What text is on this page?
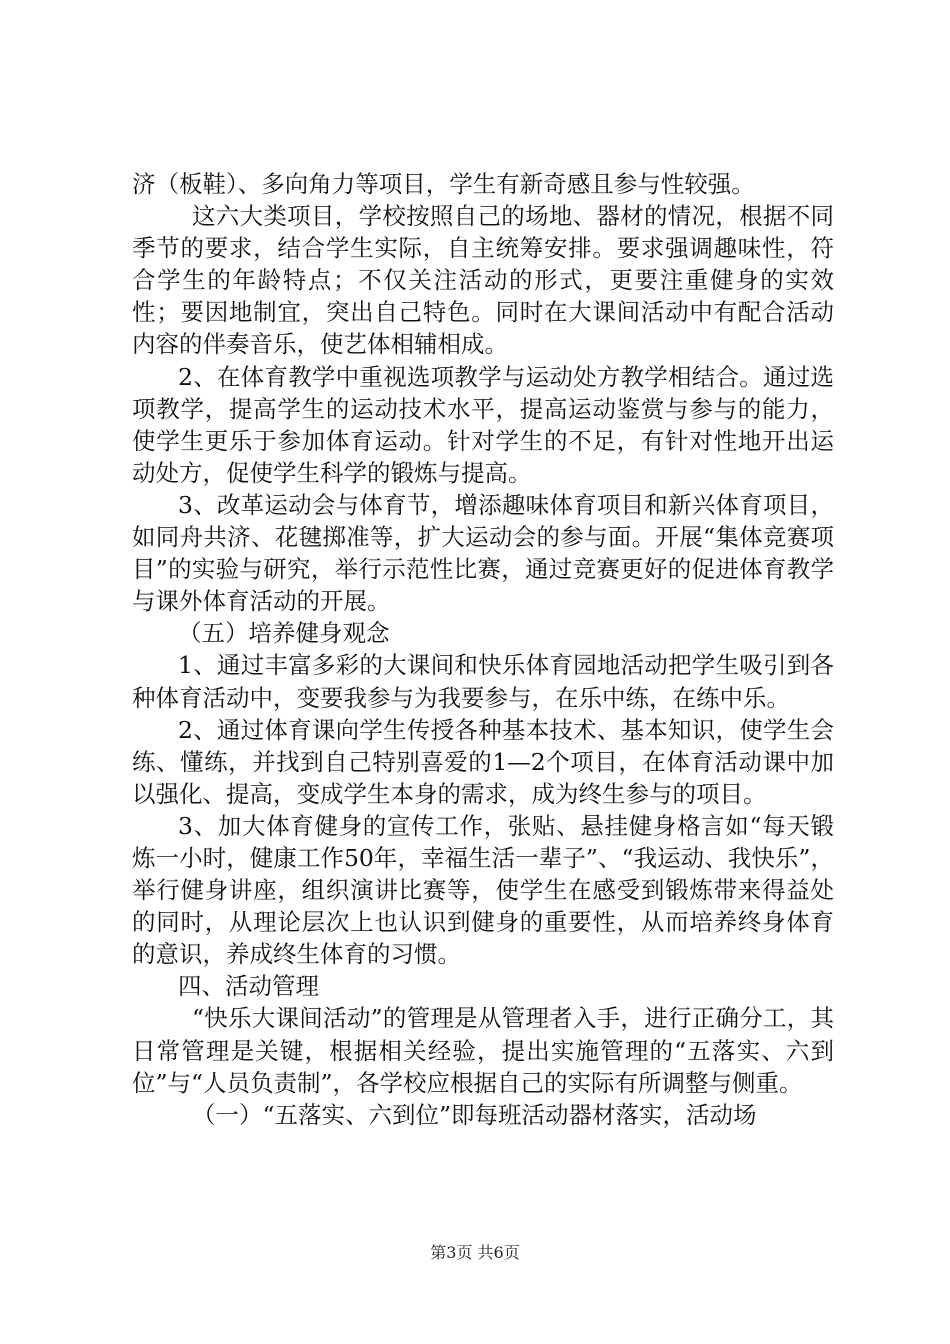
济（板鞋）、多向角力等项目，学生有新奇感且参与性较强。

这六大类项目，学校按照自己的场地、器材的情况，根据不同季节的要求，结合学生实际，自主统筹安排。要求强调趣味性，符合学生的年龄特点；不仅关注活动的形式，更要注重健身的实效性；要因地制宜，突出自己特色。同时在大课间活动中有配合活动内容的伴奏音乐，使艺体相辅相成。

2、在体育教学中重视选项教学与运动处方教学相结合。通过选项教学，提高学生的运动技术水平，提高运动鉴赏与参与的能力，使学生更乐于参加体育运动。针对学生的不足，有针对性地开出运动处方，促使学生科学的锻炼与提高。

3、改革运动会与体育节，增添趣味体育项目和新兴体育项目，如同舟共济、花毽掷准等，扩大运动会的参与面。开展“集体竞赛项目”的实验与研究，举行示范性比赛，通过竞赛更好的促进体育教学与课外体育活动的开展。

（五）培养健身观念

1、通过丰富多彩的大课间和快乐体育园地活动把学生吸引到各种体育活动中，变要我参与为我要参与，在乐中练，在练中乐。

2、通过体育课向学生传授各种基本技术、基本知识，使学生会练、懂练，并找到自己特别喜爱的1—2个项目，在体育活动课中加以强化、提高，变成学生本身的需求，成为终生参与的项目。

3、加大体育健身的宣传工作，张贴、悬挂健身格言如“每天锻炼一小时，健康工作50年，幸福生活一辈子”、“我运动、我快乐”，举行健身讲座，组织演讲比赛等，使学生在感受到锻炼带来得益处的同时，从理论层次上也认识到健身的重要性，从而培养终身体育的意识，养成终生体育的习惯。

四、活动管理

“快乐大课间活动”的管理是从管理者入手，进行正确分工，其日常管理是关键，根据相关经验，提出实施管理的“五落实、六到位”与“人员负责制”，各学校应根据自己的实际有所调整与侧重。

（一）“五落实、六到位”即每班活动器材落实，活动场

第3页 共6页
